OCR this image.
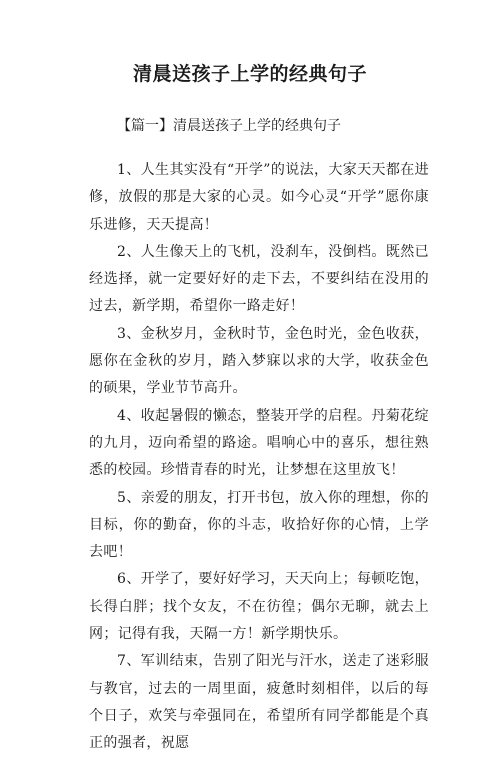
清晨送孩子上学的经典句子
【篇一】清晨送孩子上学的经典句子

1、人生其实没有“开学”的说法，大家天天都在进修，放假的那是大家的心灵。如今心灵“开学”愿你康乐进修，天天提高！

2、人生像天上的飞机，没刹车，没倒档。既然已经选择，就一定要好好的走下去，不要纠结在没用的过去，新学期，希望你一路走好！

3、金秋岁月，金秋时节，金色时光，金色收获，愿你在金秋的岁月，踏入梦寐以求的大学，收获金色的硕果，学业节节高升。

4、收起暑假的懒态，整装开学的启程。丹菊花绽的九月，迈向希望的路途。唱响心中的喜乐，想往熟悉的校园。珍惜青春的时光，让梦想在这里放飞！

5、亲爱的朋友，打开书包，放入你的理想，你的目标，你的勤奋，你的斗志，收拾好你的心情，上学去吧！

6、开学了，要好好学习，天天向上；每顿吃饱，长得白胖；找个女友，不在彷徨；偶尔无聊，就去上网；记得有我，天隔一方！新学期快乐。

7、军训结束，告别了阳光与汗水，送走了迷彩服与教官，过去的一周里面，疲惫时刻相伴，以后的每个日子，欢笑与牵强同在，希望所有同学都能是个真正的强者，祝愿
